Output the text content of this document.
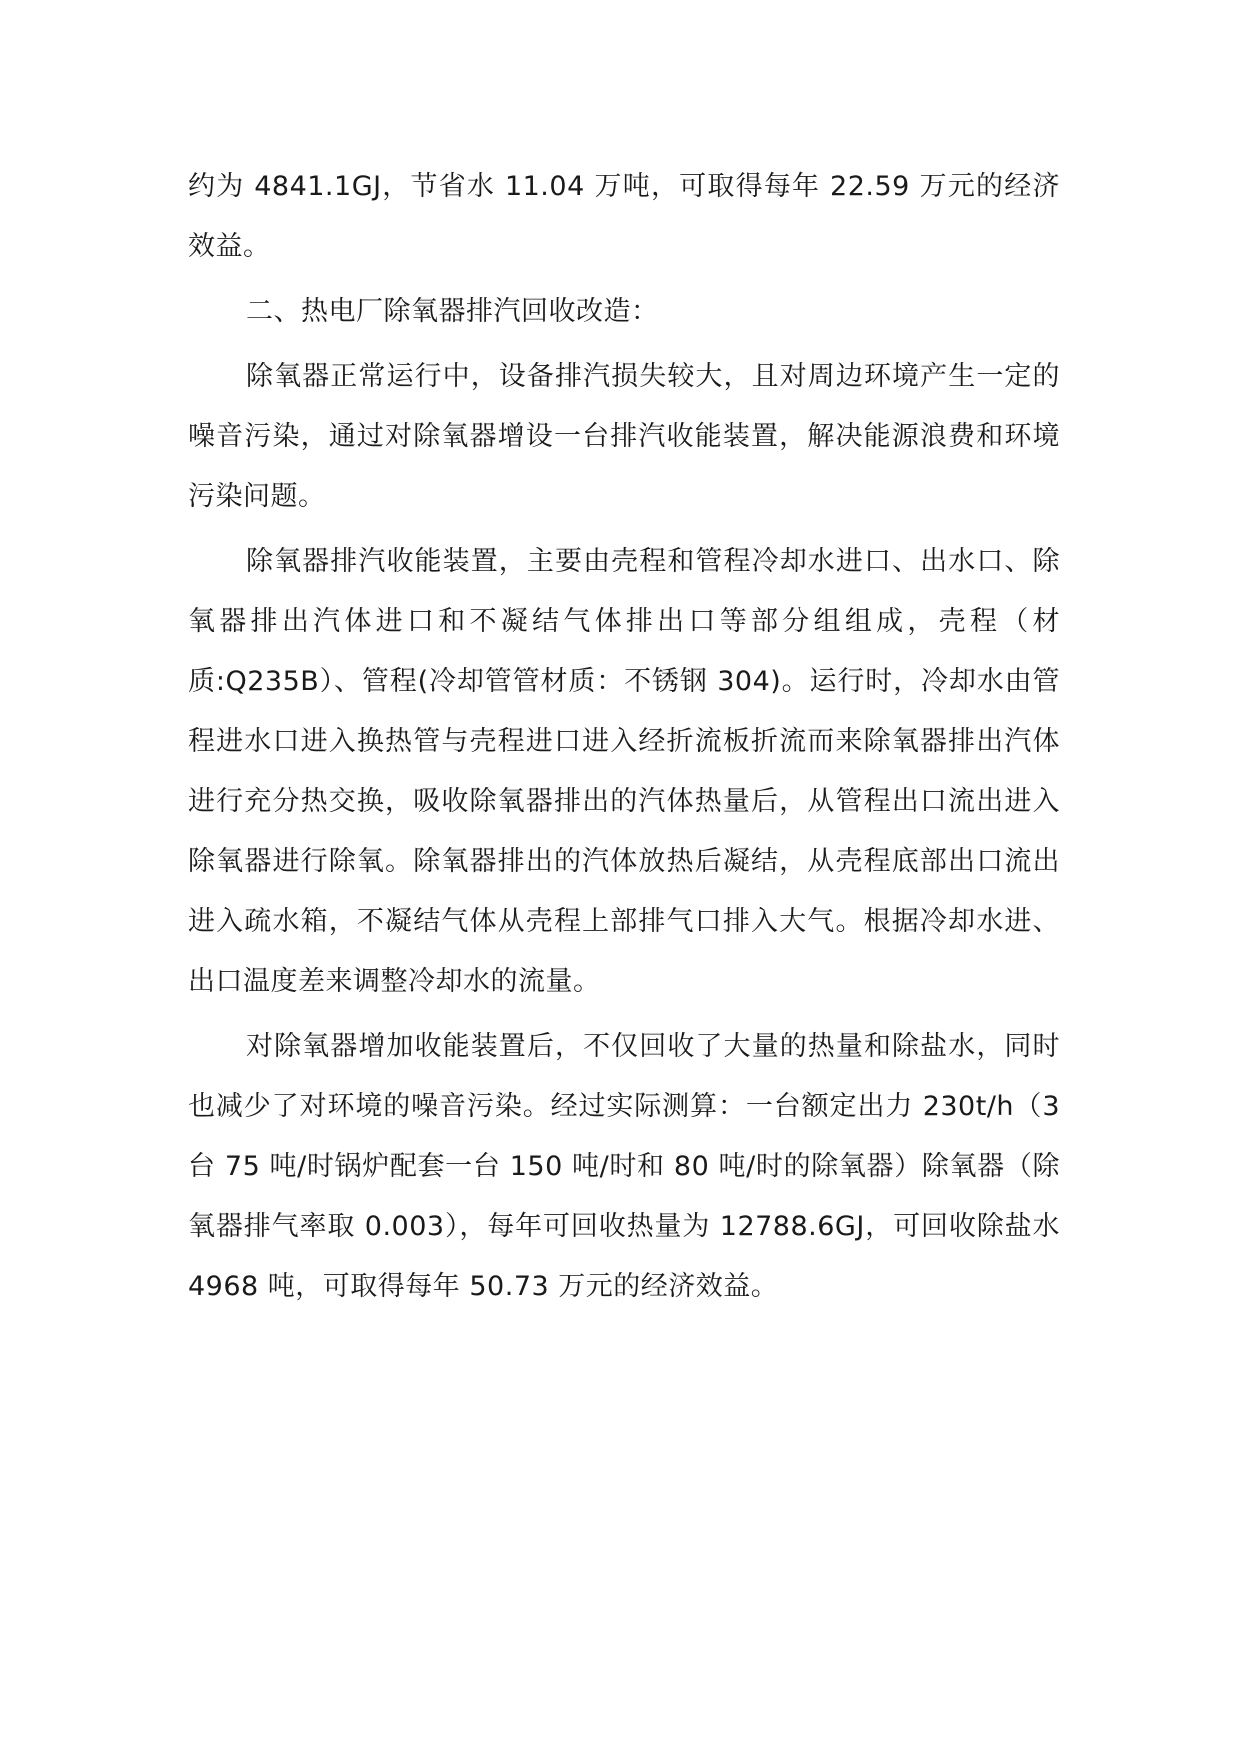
约为 4841.1GJ，节省水 11.04 万吨，可取得每年 22.59 万元的经济效益。

二、热电厂除氧器排汽回收改造：

除氧器正常运行中，设备排汽损失较大，且对周边环境产生一定的噪音污染，通过对除氧器增设一台排汽收能装置，解决能源浪费和环境污染问题。

除氧器排汽收能装置，主要由壳程和管程冷却水进口、出水口、除氧器排出汽体进口和不凝结气体排出口等部分组组成，壳程（材质:Q235B）、管程(冷却管管材质：不锈钢 304)。运行时，冷却水由管程进水口进入换热管与壳程进口进入经折流板折流而来除氧器排出汽体进行充分热交换，吸收除氧器排出的汽体热量后，从管程出口流出进入除氧器进行除氧。除氧器排出的汽体放热后凝结，从壳程底部出口流出进入疏水箱，不凝结气体从壳程上部排气口排入大气。根据冷却水进、出口温度差来调整冷却水的流量。

对除氧器增加收能装置后，不仅回收了大量的热量和除盐水，同时也减少了对环境的噪音污染。经过实际测算：一台额定出力 230t/h（3 台 75 吨/时锅炉配套一台 150 吨/时和 80 吨/时的除氧器）除氧器（除氧器排气率取 0.003），每年可回收热量为 12788.6GJ，可回收除盐水 4968 吨，可取得每年 50.73 万元的经济效益。
